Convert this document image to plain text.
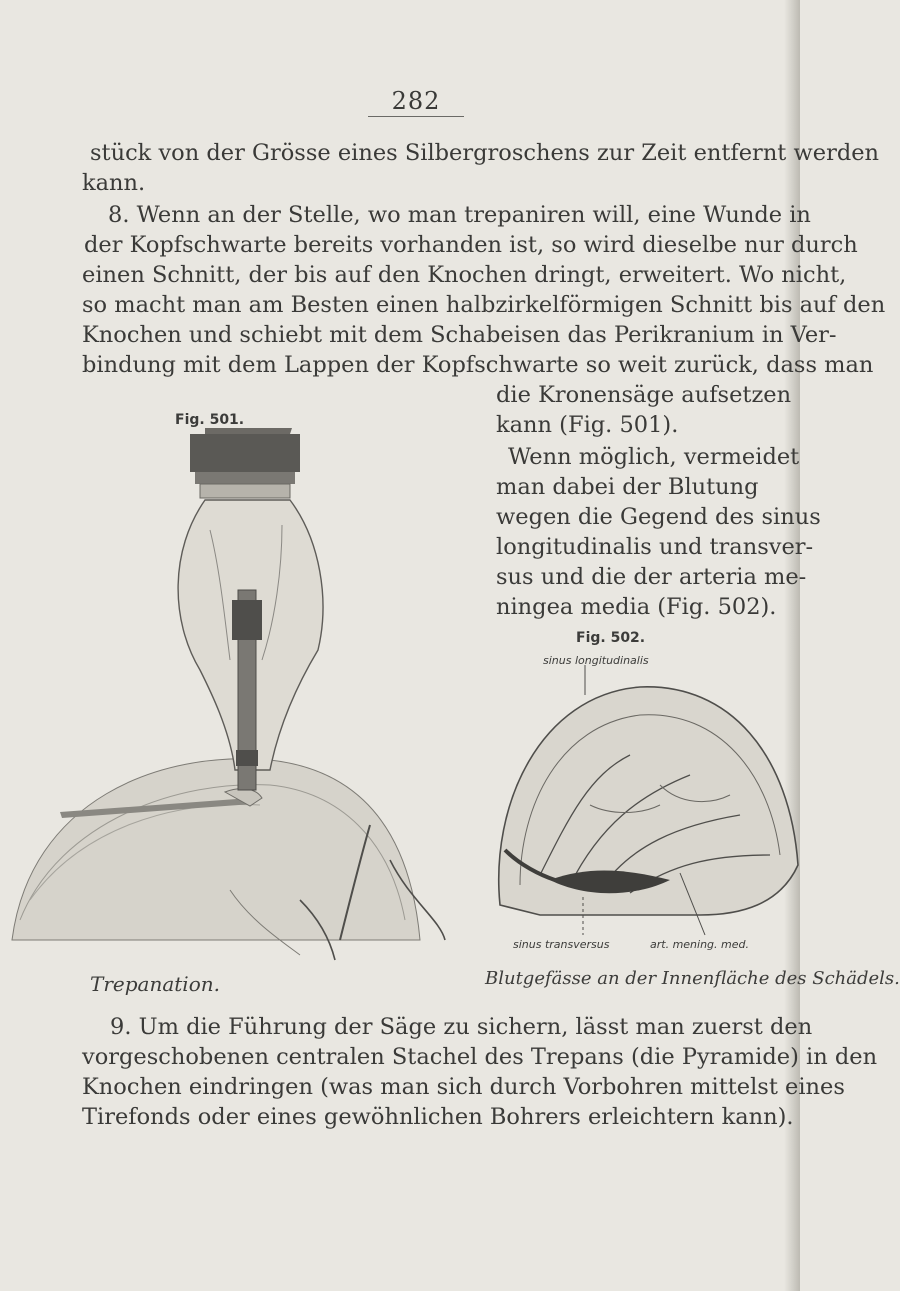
282
stück von der Grösse eines Silbergroschens zur Zeit entfernt werden
kann.
8. Wenn an der Stelle, wo man trepaniren will, eine Wunde in
der Kopfschwarte bereits vorhanden ist, so wird dieselbe nur durch
einen Schnitt, der bis auf den Knochen dringt, erweitert. Wo nicht,
so macht man am Besten einen halbzirkelförmigen Schnitt bis auf den
Knochen und schiebt mit dem Schabeisen das Perikranium in Ver-
bindung mit dem Lappen der Kopfschwarte so weit zurück, dass man
die Kronensäge aufsetzen
kann (Fig. 501).
Wenn möglich, vermeidet
man dabei der Blutung
wegen die Gegend des sinus
longitudinalis und transver-
sus und die der arteria me-
ningea media (Fig. 502).
Fig. 501.
Trepanation.
Fig. 502.
sinus longitudinalis
sinus transversus	art. mening. med.
Blutgefässe an der Innenfläche des Schädels.
9. Um die Führung der Säge zu sichern, lässt man zuerst den
vorgeschobenen centralen Stachel des Trepans (die Pyramide) in den
Knochen eindringen (was man sich durch Vorbohren mittelst eines
Tirefonds oder eines gewöhnlichen Bohrers erleichtern kann).
